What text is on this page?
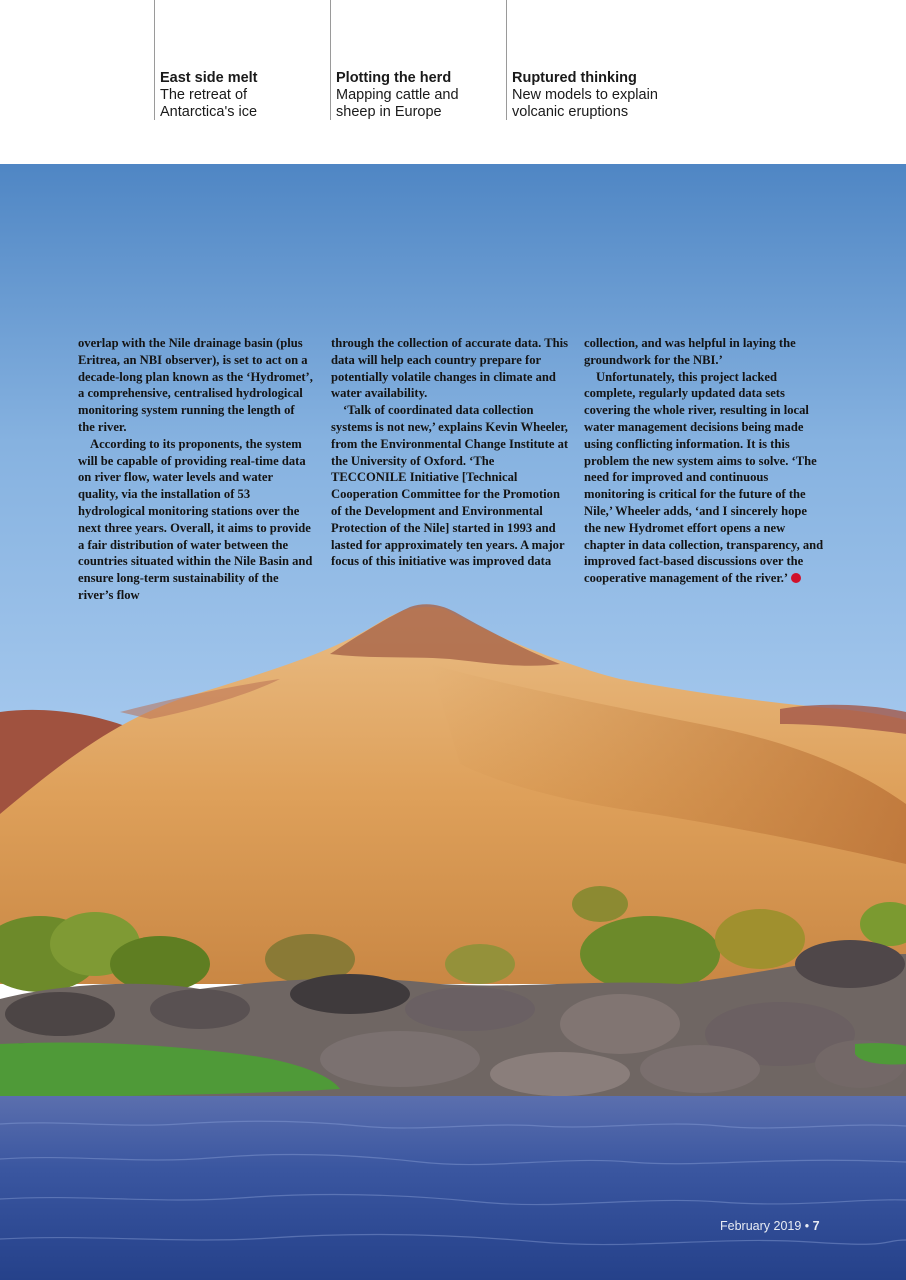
East side melt
The retreat of
Antarctica's ice
Plotting the herd
Mapping cattle and
sheep in Europe
Ruptured thinking
New models to explain
volcanic eruptions

overlap with the Nile drainage basin (plus Eritrea, an NBI observer), is set to act on a decade-long plan known as the ‘Hydromet’, a comprehensive, centralised hydrological monitoring system running the length of the river.

According to its proponents, the system will be capable of providing real-time data on river flow, water levels and water quality, via the installation of 53 hydrological monitoring stations over the next three years. Overall, it aims to provide a fair distribution of water between the countries situated within the Nile Basin and ensure long-term sustainability of the river’s flow

through the collection of accurate data. This data will help each country prepare for potentially volatile changes in climate and water availability.

‘Talk of coordinated data collection systems is not new,’ explains Kevin Wheeler, from the Environmental Change Institute at the University of Oxford. ‘The TECCONILE Initiative [Technical Cooperation Committee for the Promotion of the Development and Environmental Protection of the Nile] started in 1993 and lasted for approximately ten years. A major focus of this initiative was improved data

collection, and was helpful in laying the groundwork for the NBI.’

Unfortunately, this project lacked complete, regularly updated data sets covering the whole river, resulting in local water management decisions being made using conflicting information. It is this problem the new system aims to solve. ‘The need for improved and continuous monitoring is critical for the future of the Nile,’ Wheeler adds, ‘and I sincerely hope the new Hydromet effort opens a new chapter in data collection, transparency, and improved fact-based discussions over the cooperative management of the river.’

February 2019 • 7
